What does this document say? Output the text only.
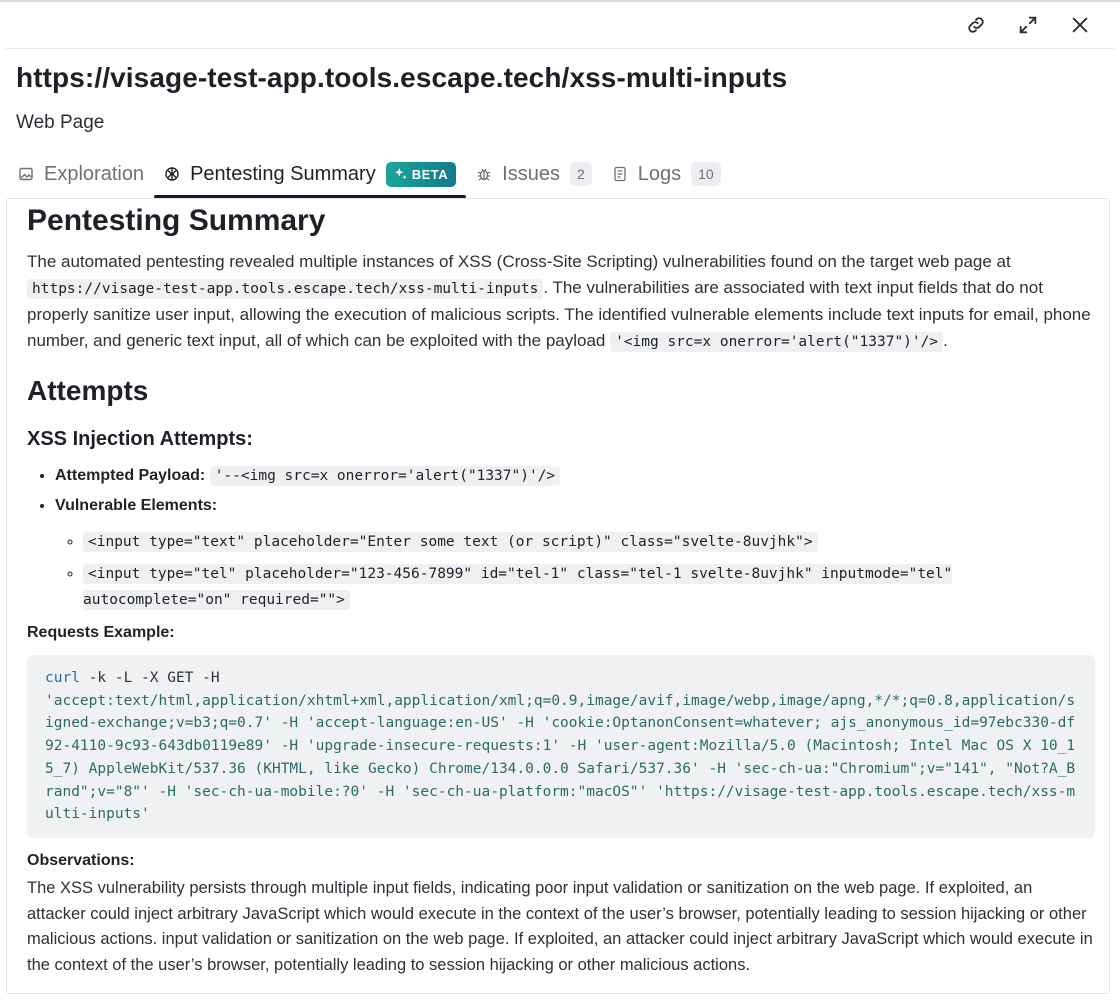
https://visage-test-app.tools.escape.tech/xss-multi-inputs
Web Page
Exploration Pentesting Summary	BETA	Issues	2	Logs	10
Pentesting Summary

The automated pentesting revealed multiple instances of XSS (Cross-Site Scripting) vulnerabilities found on the target web page at https://visage-test-app.tools.escape.tech/xss-multi-inputs . The vulnerabilities are associated with text input fields that do not properly sanitize user input, allowing the execution of malicious scripts. The identified vulnerable elements include text inputs for email, phone number, and generic text input, all of which can be exploited with the payload '<img src=x onerror='alert("1337")'/> .

Attempts
XSS Injection Attempts:
• Attempted Payload: '--<img src=x onerror='alert("1337")'/>
• Vulnerable Elements:
◦ <input type="text" placeholder="Enter some text (or script)" class="svelte-8uvjhk">
◦ <input type="tel" placeholder="123-456-7899" id="tel-1" class="tel-1 svelte-8uvjhk" inputmode="tel" autocomplete="on" required="">
Requests Example:
curl -k -L -X GET -H
'accept:text/html,application/xhtml+xml,application/xml;q=0.9,image/avif,image/webp,image/apng,*/*;q=0.8,application/signed-exchange;v=b3;q=0.7' -H 'accept-language:en-US' -H 'cookie:OptanonConsent=whatever; ajs_anonymous_id=97ebc330-df92-4110-9c93-643db0119e89' -H 'upgrade-insecure-requests:1' -H 'user-agent:Mozilla/5.0 (Macintosh; Intel Mac OS X 10_15_7) AppleWebKit/537.36 (KHTML, like Gecko) Chrome/134.0.0.0 Safari/537.36' -H 'sec-ch-ua:"Chromium";v="141", "Not?A_Brand";v="8"' -H 'sec-ch-ua-mobile:?0' -H 'sec-ch-ua-platform:"macOS"' 'https://visage-test-app.tools.escape.tech/xss-multi-inputs'
Observations:

The XSS vulnerability persists through multiple input fields, indicating poor input validation or sanitization on the web page. If exploited, an attacker could inject arbitrary JavaScript which would execute in the context of the user’s browser, potentially leading to session hijacking or other malicious actions. input validation or sanitization on the web page. If exploited, an attacker could inject arbitrary JavaScript which would execute in the context of the user’s browser, potentially leading to session hijacking or other malicious actions.
